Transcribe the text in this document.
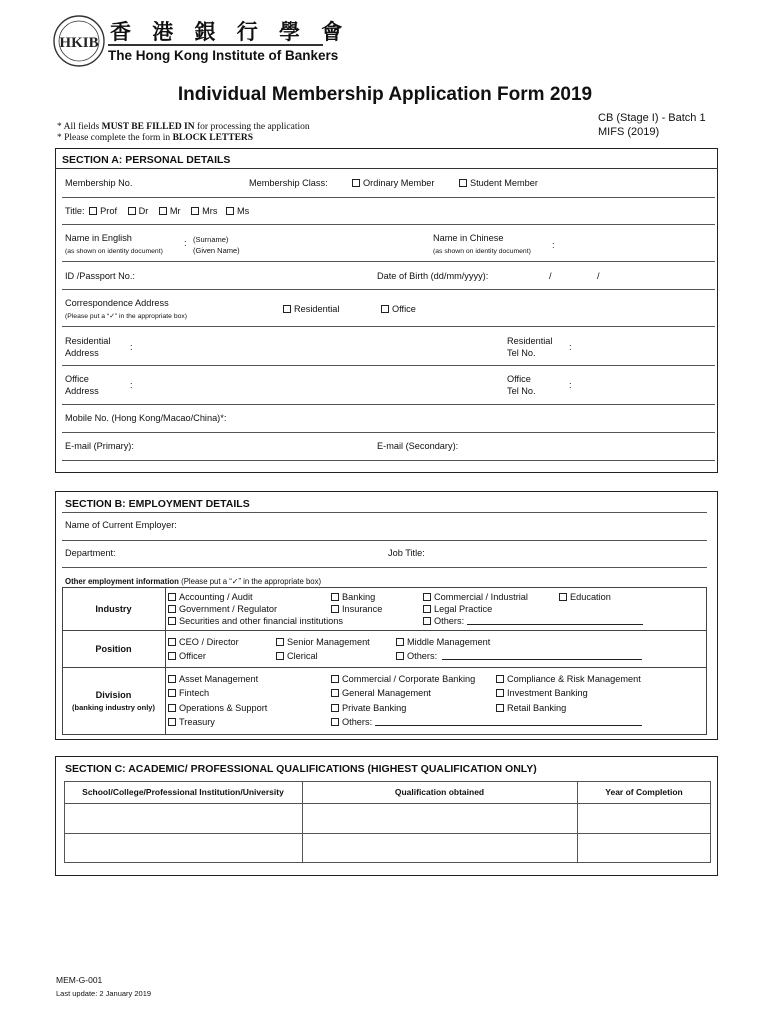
HKIB 香 港 銀 行 學 會
The Hong Kong Institute of Bankers
Individual Membership Application Form 2019
* All fields MUST BE FILLED IN for processing the application
* Please complete the form in BLOCK LETTERS
CB (Stage I) - Batch 1
MIFS (2019)
SECTION A: PERSONAL DETAILS
Membership No.	Membership Class:	Ordinary Member	Student Member
Title: Prof Dr Mr Mrs Ms
Name in English
(as shown on identity document)
: (Surname)
(Given Name)
Name in Chinese
(as shown on identity document)
:
ID /Passport No.:	Date of Birth (dd/mm/yyyy):	/	/
Correspondence Address
(Please put a “✓” in the appropriate box)
Residential	Office
Residential
Address
:
Residential
Tel No.
:
Office
Address
:
Office
Tel No.
:
Mobile No. (Hong Kong/Macao/China)*:
E-mail (Primary):	E-mail (Secondary):
SECTION B: EMPLOYMENT DETAILS
Name of Current Employer:
Department:	Job Title:
Other employment information (Please put a “✓” in the appropriate box)
Industry
Accounting / Audit	Banking	Commercial / Industrial	Education
Government / Regulator	Insurance	Legal Practice
Securities and other financial institutions	Others:
Position
CEO / Director	Senior Management	Middle Management
Officer	Clerical	Others:
Division
(banking industry only)
Asset Management	Commercial / Corporate Banking	Compliance & Risk Management
Fintech	General Management	Investment Banking
Operations & Support	Private Banking	Retail Banking
Treasury	Others:
SECTION C: ACADEMIC/ PROFESSIONAL QUALIFICATIONS (HIGHEST QUALIFICATION ONLY)
School/College/Professional Institution/University	Qualification obtained	Year of Completion
MEM-G-001
Last update: 2 January 2019
